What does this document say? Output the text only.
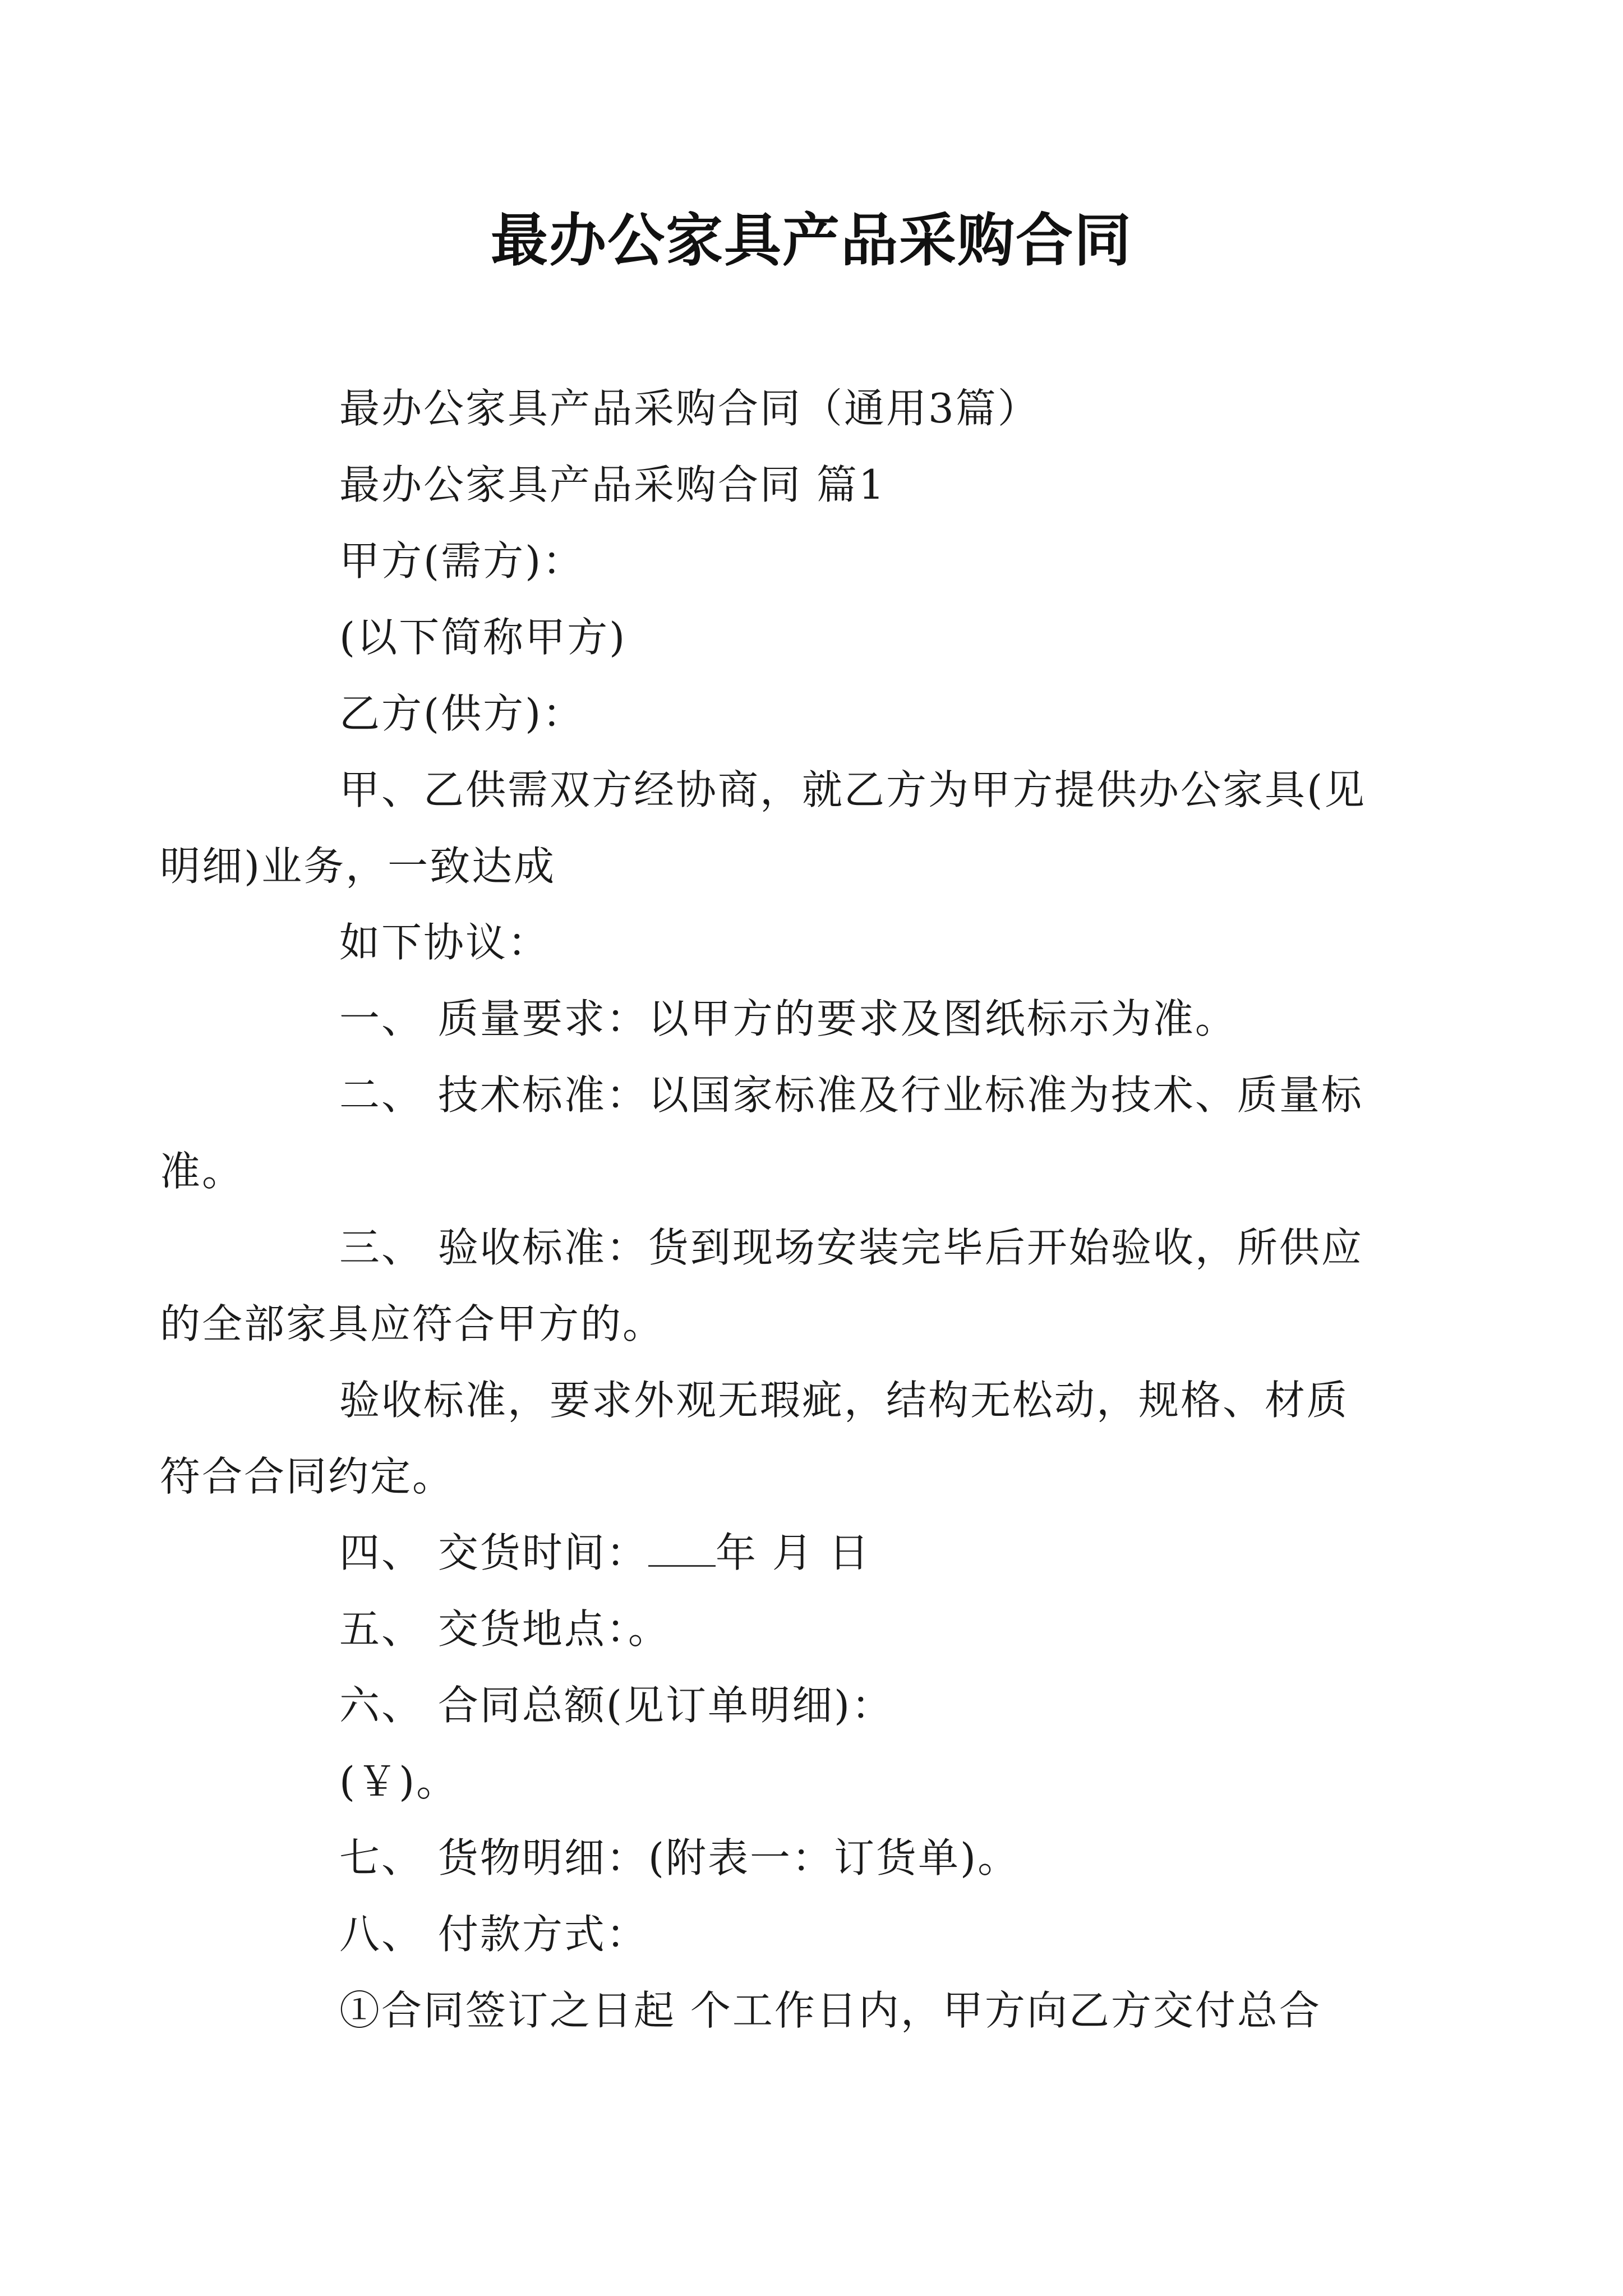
最办公家具产品采购合同

最办公家具产品采购合同（通用3篇）

最办公家具产品采购合同 篇1

甲方(需方)：

(以下简称甲方)

乙方(供方)：

甲、乙供需双方经协商，就乙方为甲方提供办公家具(见明细)业务，一致达成

如下协议：

一、 质量要求：以甲方的要求及图纸标示为准。

二、 技术标准：以国家标准及行业标准为技术、质量标准。

三、 验收标准：货到现场安装完毕后开始验收，所供应的全部家具应符合甲方的。

验收标准，要求外观无瑕疵，结构无松动，规格、材质符合合同约定。

四、 交货时间： 年 月 日

五、 交货地点：。

六、 合同总额(见订单明细)：

(￥)。

七、 货物明细：(附表一：订货单)。

八、 付款方式：

①合同签订之日起 个工作日内，甲方向乙方交付总合
